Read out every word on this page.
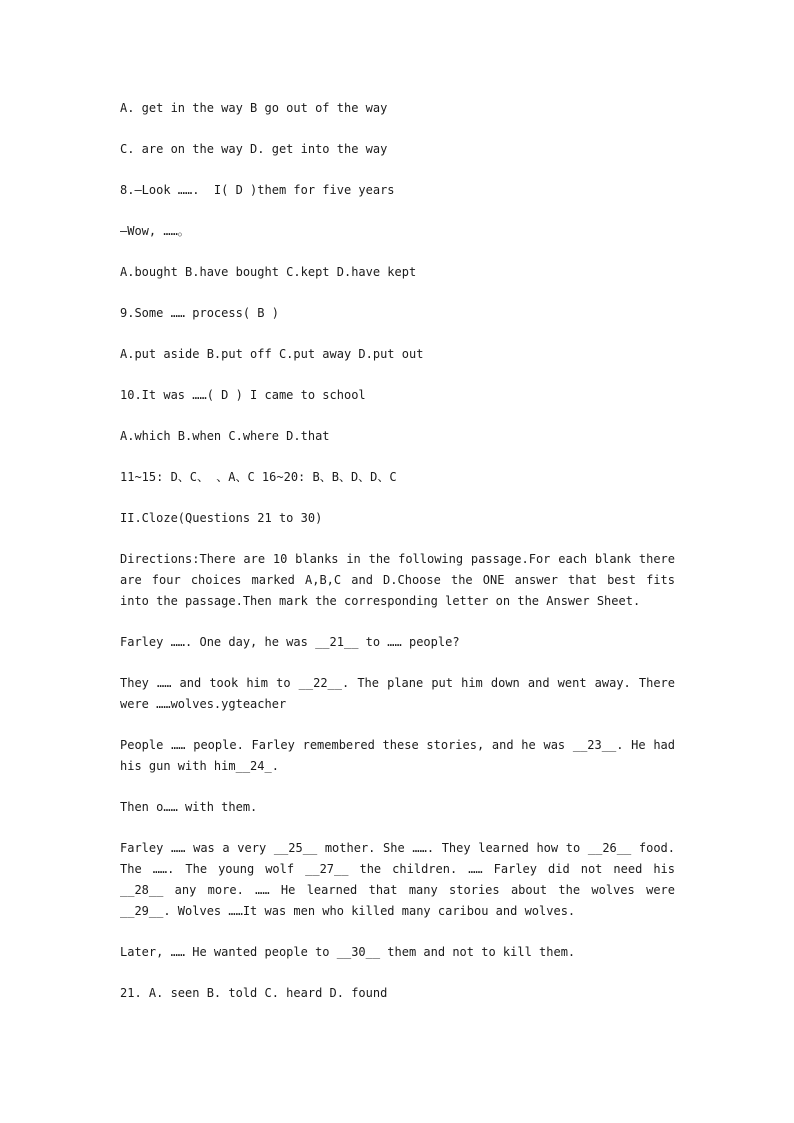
A. get in the way B go out of the way

C. are on the way D. get into the way

8.—Look …….  I( D )them for five years

—Wow, ……。

A.bought B.have bought C.kept D.have kept

9.Some …… process( B )

A.put aside B.put off C.put away D.put out

10.It was ……( D ) I came to school

A.which B.when C.where D.that

11~15: D、C、 、A、C 16~20: B、B、D、D、C

II.Cloze(Questions 21 to 30)

Directions:There are 10 blanks in the following passage.For each blank there are four choices marked A,B,C and D.Choose the ONE answer that best fits into the passage.Then mark the corresponding letter on the Answer Sheet.

Farley ……. One day, he was __21__ to …… people?

They …… and took him to __22__. The plane put him down and went away. There were ……wolves.ygteacher

People …… people. Farley remembered these stories, and he was __23__. He had his gun with him__24_.

Then o…… with them.

Farley …… was a very __25__ mother. She ……. They learned how to __26__ food. The ……. The young wolf __27__ the children. …… Farley did not need his __28__ any more. …… He learned that many stories about the wolves were __29__. Wolves ……It was men who killed many caribou and wolves.

Later, …… He wanted people to __30__ them and not to kill them.

21. A. seen B. told C. heard D. found
